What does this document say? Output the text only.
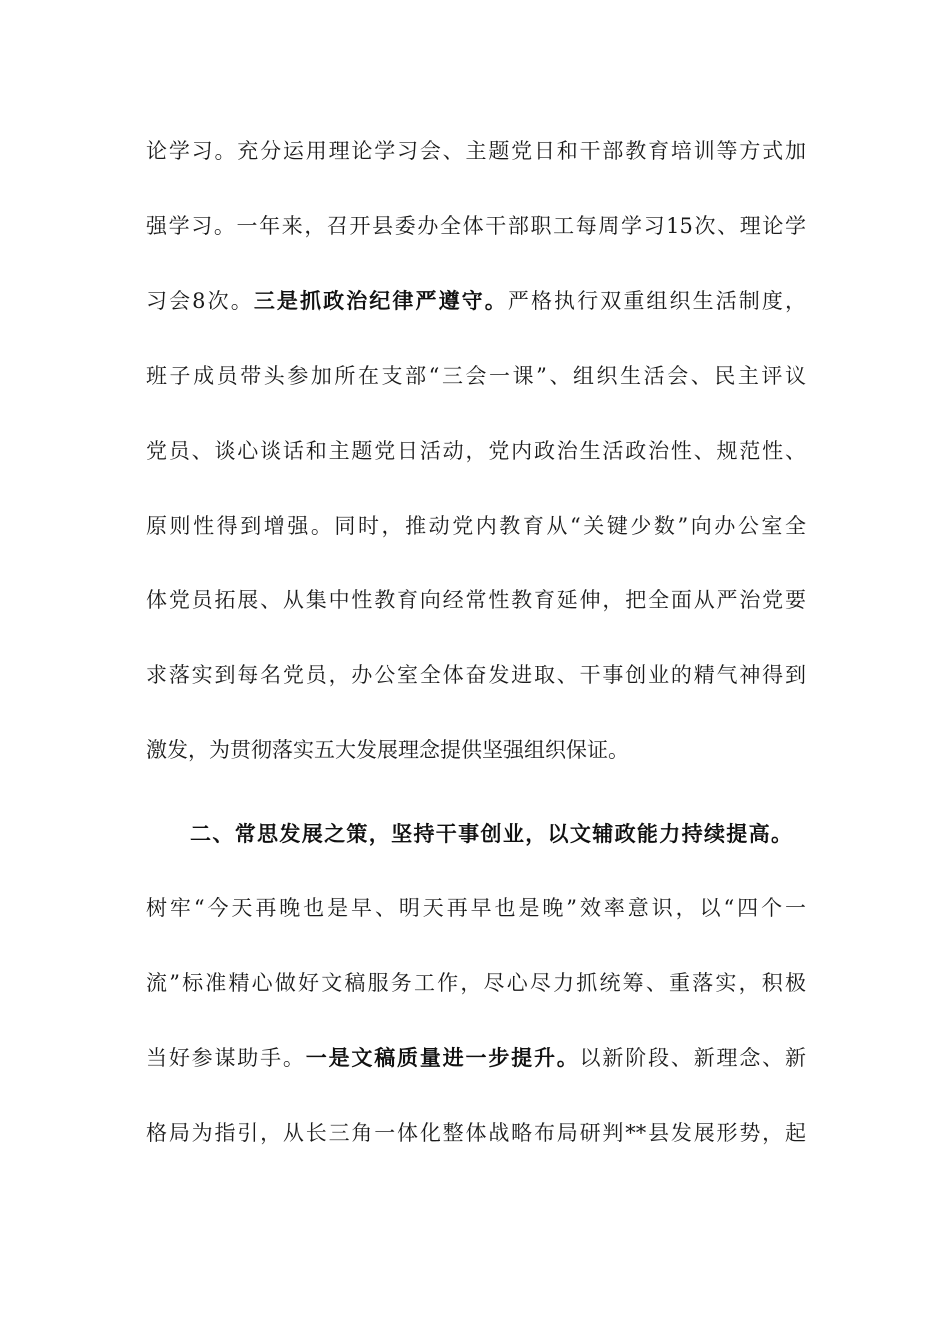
论学习。充分运用理论学习会、主题党日和干部教育培训等方式加
强学习。一年来，召开县委办全体干部职工每周学习15次、理论学
习会8次。三是抓政治纪律严遵守。严格执行双重组织生活制度，
班子成员带头参加所在支部“三会一课”、组织生活会、民主评议
党员、谈心谈话和主题党日活动，党内政治生活政治性、规范性、
原则性得到增强。同时，推动党内教育从“关键少数”向办公室全
体党员拓展、从集中性教育向经常性教育延伸，把全面从严治党要
求落实到每名党员，办公室全体奋发进取、干事创业的精气神得到
激发，为贯彻落实五大发展理念提供坚强组织保证。
二、常思发展之策，坚持干事创业，以文辅政能力持续提高。
树牢“今天再晚也是早、明天再早也是晚”效率意识，以“四个一
流”标准精心做好文稿服务工作，尽心尽力抓统筹、重落实，积极
当好参谋助手。一是文稿质量进一步提升。以新阶段、新理念、新
格局为指引，从长三角一体化整体战略布局研判**县发展形势，起
